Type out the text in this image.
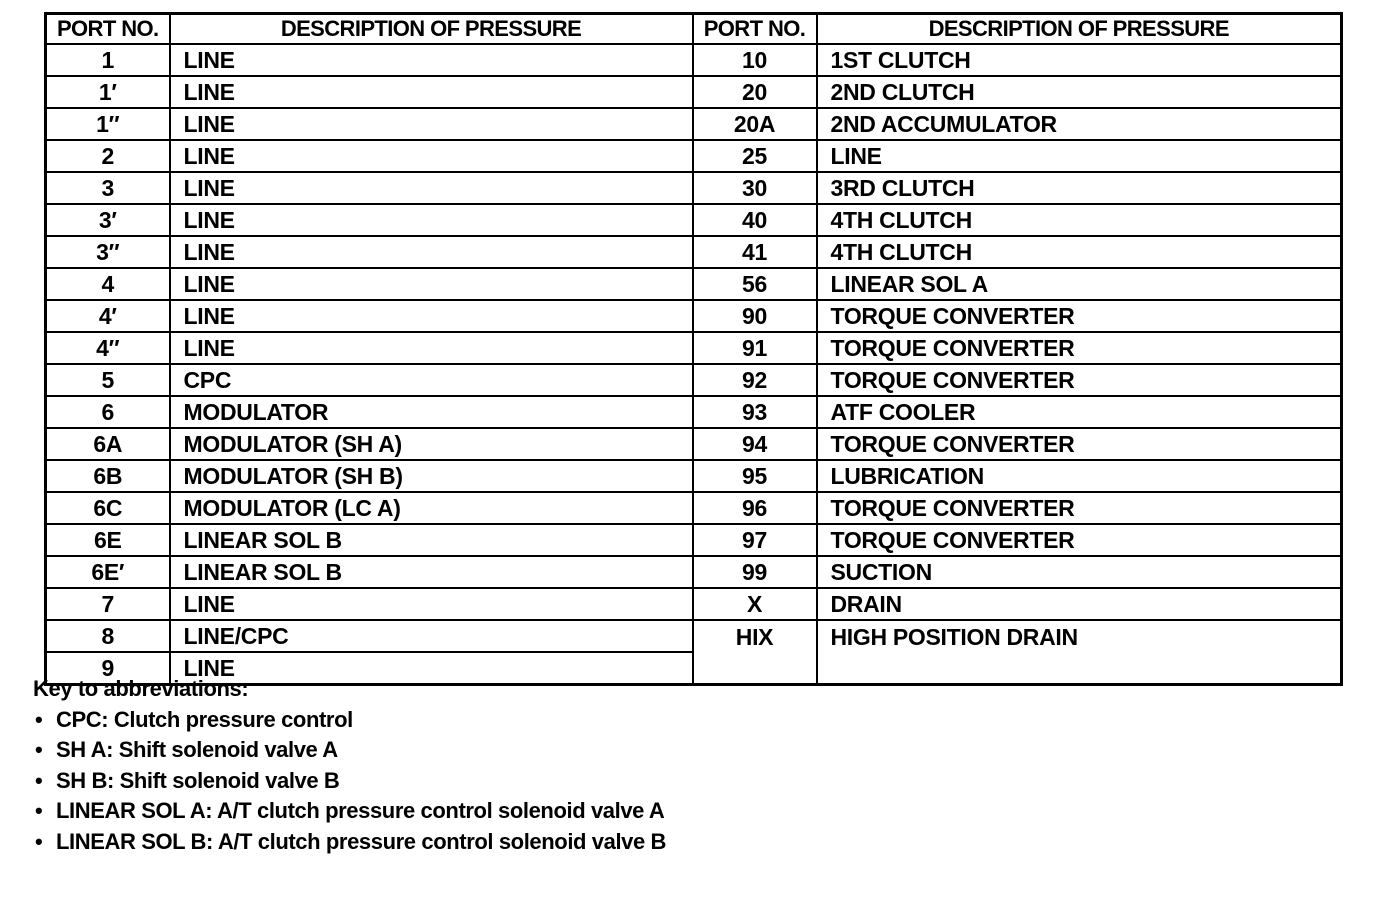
PORT NO.	DESCRIPTION OF PRESSURE	PORT NO.	DESCRIPTION OF PRESSURE
1	LINE	10	1ST CLUTCH
1′	LINE	20	2ND CLUTCH
1″	LINE	20A	2ND ACCUMULATOR
2	LINE	25	LINE
3	LINE	30	3RD CLUTCH
3′	LINE	40	4TH CLUTCH
3″	LINE	41	4TH CLUTCH
4	LINE	56	LINEAR SOL A
4′	LINE	90	TORQUE CONVERTER
4″	LINE	91	TORQUE CONVERTER
5	CPC	92	TORQUE CONVERTER
6	MODULATOR	93	ATF COOLER
6A	MODULATOR (SH A)	94	TORQUE CONVERTER
6B	MODULATOR (SH B)	95	LUBRICATION
6C	MODULATOR (LC A)	96	TORQUE CONVERTER
6E	LINEAR SOL B	97	TORQUE CONVERTER
6E′	LINEAR SOL B	99	SUCTION
7	LINE	X	DRAIN
8	LINE/CPC	HIX	HIGH POSITION DRAIN
9	LINE		
Key to abbreviations:
• CPC: Clutch pressure control
• SH A: Shift solenoid valve A
• SH B: Shift solenoid valve B
• LINEAR SOL A: A/T clutch pressure control solenoid valve A
• LINEAR SOL B: A/T clutch pressure control solenoid valve B
